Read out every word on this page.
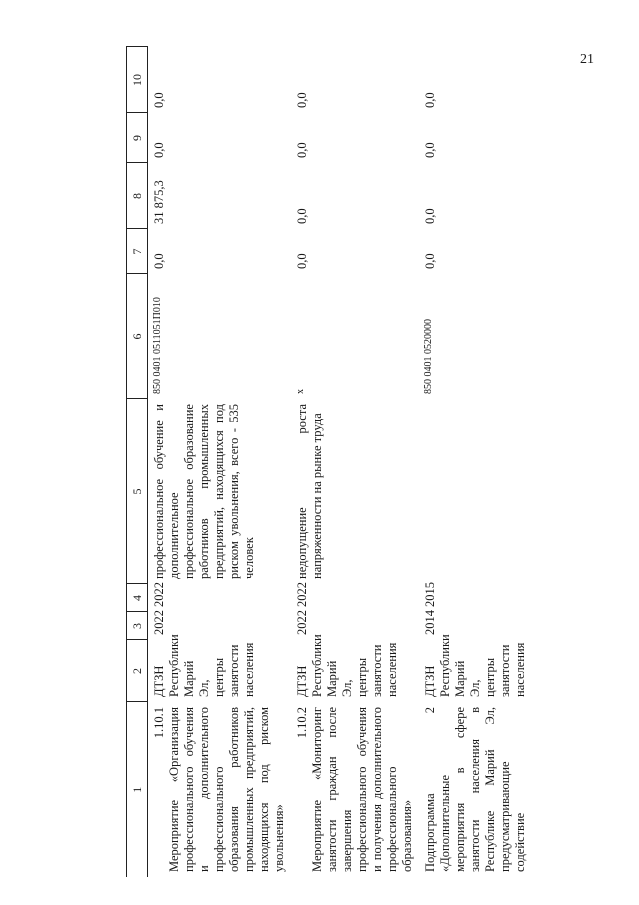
21
1	2	3	4	5	6	7	8	9	10

1.10.1 Мероприятие «Организация профессионального обучения и дополнительного профессионального образования работников промышленных предприятий, находящихся под риском увольнения»	ДТЗН Республики Марий Эл, центры занятости населения	2022	2022	профессиональное обучение и дополнительное профессиональное образование работников промышленных предприятий, находящихся под риском увольнения, всего - 535 человек	850 0401 0511051Π010	0,0	31 875,3	0,0	0,0

1.10.2 Мероприятие «Мониторинг занятости граждан после завершения профессионального обучения и получения дополнительного профессионального образования»	ДТЗН Республики Марий Эл, центры занятости населения	2022	2022	недопущение роста напряженности на рынке труда	x	0,0	0,0	0,0	0,0

Подпрограмма 2 «Дополнительные мероприятия в сфере занятости населения в Республике Марий Эл, предусматривающие содействие	ДТЗН Республики Марий Эл, центры занятости населения	2014	2015		850 0401 0520000	0,0	0,0	0,0	0,0
